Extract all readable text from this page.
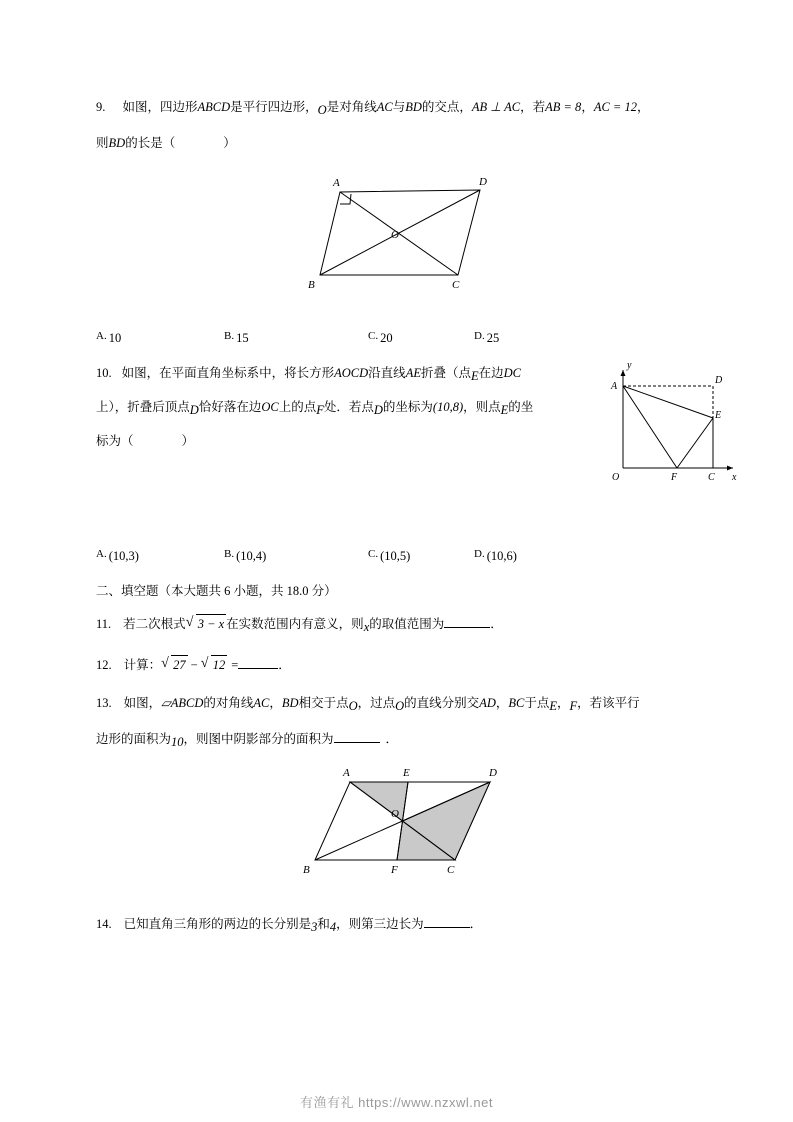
9. 如图，四边形ABCD是平行四边形，O是对角线AC与BD的交点，AB ⊥ AC，若AB = 8，AC = 12，
则BD的长是（	）
A	D
O
B	C
A. 10	B. 15	C. 20	D. 25
10. 如图，在平面直角坐标系中，将长方形AOCD沿直线AE折叠（点E在边DC
上），折叠后顶点D恰好落在边OC上的点F处．若点D的坐标为(10,8)，则点E的坐
标为（	）
y
A
D
E
O	F	C x
A. (10,3)	B. (10,4)	C. (10,5)	D. (10,6)
二、填空题（本大题共 6 小题，共 18.0 分）
11. 若二次根式 √ 3 − x 在实数范围内有意义，则x的取值范围为	．
12. 计算： √ 27 − √ 12 =	．
13. 如图，▱ABCD的对角线AC，BD相交于点O，过点O的直线分别交AD，BC于点E，F，若该平行
边形的面积为10，则图中阴影部分的面积为	．
A	E	D
O
B	F	C
14. 已知直角三角形的两边的长分别是3和4，则第三边长为	．
有渔有礼 https://www.nzxwl.net
